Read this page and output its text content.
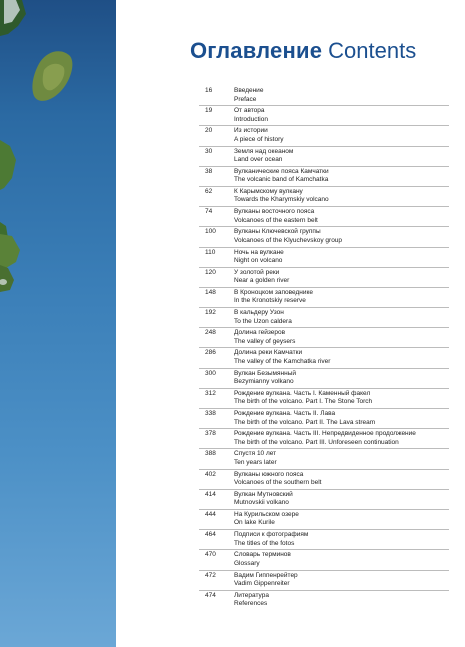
Оглавление Contents
16	Введение
Preface
19	От автора
Introduction
20	Из истории
A piece of history
30	Земля над океаном
Land over ocean
38	Вулканические пояса Камчатки
The volcanic band of Kamchatka
62	К Карымскому вулкану
Towards the Kharymskiy volcano
74	Вулканы восточного пояса
Volcanoes of the eastern belt
100	Вулканы Ключевской группы
Volcanoes of the Klyuchevskoy group
110	Ночь на вулкане
Night on volcano
120	У золотой реки
Near a golden river
148	В Кроноцком заповеднике
In the Kronotskiy reserve
192	В кальдеру Узон
To the Uzon caldera
248	Долина гейзеров
The valley of geysers
286	Долина реки Камчатки
The valley of the Kamchatka river
300	Вулкан Безымянный
Bezymianny volkano
312	Рождение вулкана. Часть I. Каменный факел
The birth of the volcano. Part I. The Stone Torch
338	Рождение вулкана. Часть II. Лава
The birth of the volcano. Part II. The Lava stream
378	Рождение вулкана. Часть III. Непредвиденное продолжение
The birth of the volcano. Part III. Unforeseen continuation
388	Спустя 10 лет
Ten years later
402	Вулканы южного пояса
Volcanoes of the southern belt
414	Вулкан Мутновский
Mutnovskii volkano
444	На Курильском озере
On lake Kurile
464	Подписи к фотографиям
The titles of the fotos
470	Словарь терминов
Glossary
472	Вадим Гиппенрейтер
Vadim Gippenreiter
474	Литература
References
